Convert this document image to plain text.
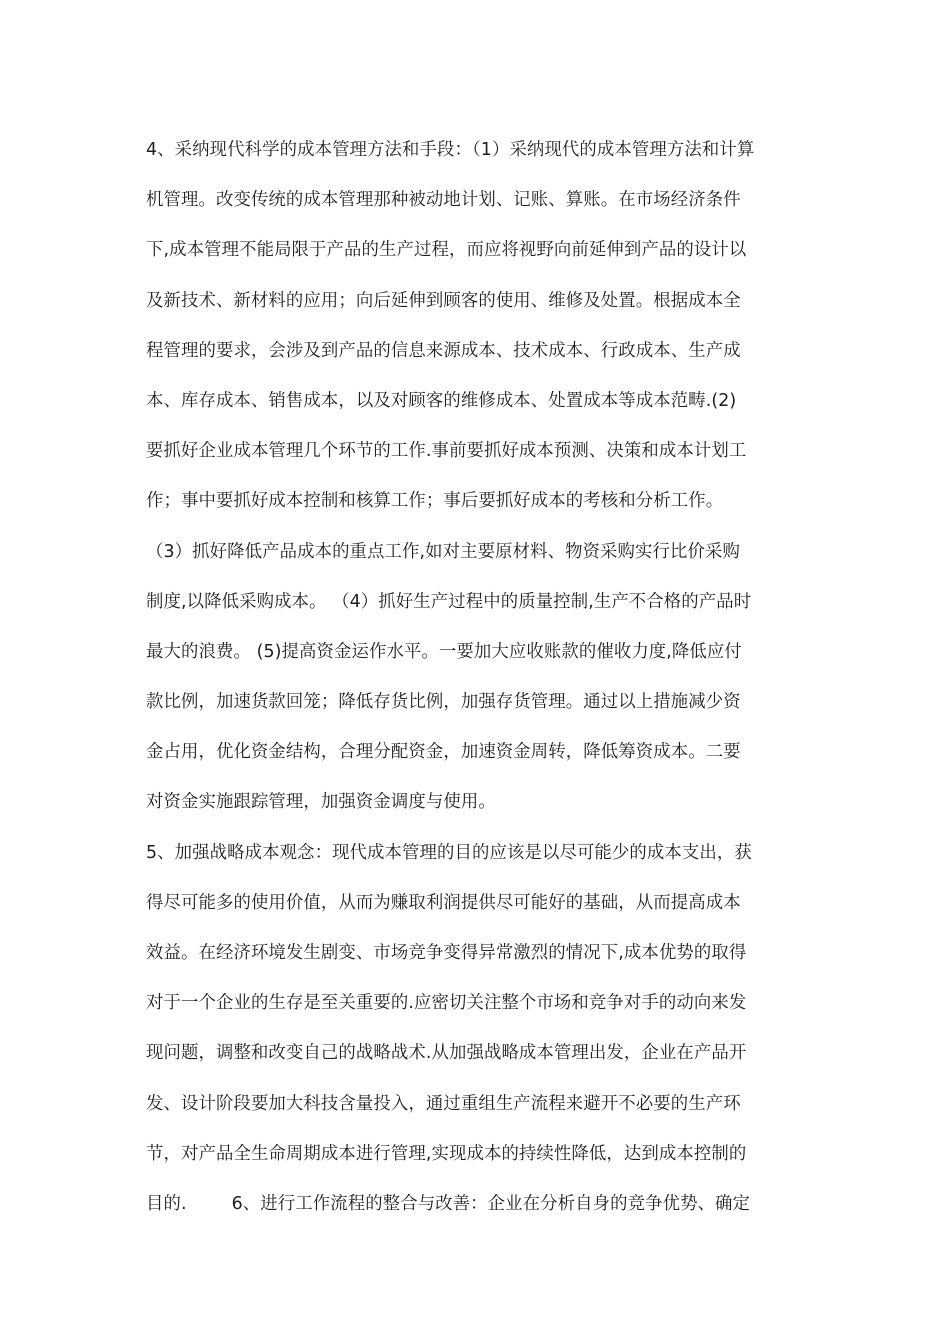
4、采纳现代科学的成本管理方法和手段：（1）采纳现代的成本管理方法和计算
机管理。改变传统的成本管理那种被动地计划、记账、算账。在市场经济条件
下,成本管理不能局限于产品的生产过程，而应将视野向前延伸到产品的设计以
及新技术、新材料的应用；向后延伸到顾客的使用、维修及处置。根据成本全
程管理的要求，会涉及到产品的信息来源成本、技术成本、行政成本、生产成
本、库存成本、销售成本，以及对顾客的维修成本、处置成本等成本范畴.(2)
要抓好企业成本管理几个环节的工作.事前要抓好成本预测、决策和成本计划工
作；事中要抓好成本控制和核算工作；事后要抓好成本的考核和分析工作。
（3）抓好降低产品成本的重点工作,如对主要原材料、物资采购实行比价采购
制度,以降低采购成本。 （4）抓好生产过程中的质量控制,生产不合格的产品时
最大的浪费。 (5)提高资金运作水平。一要加大应收账款的催收力度,降低应付
款比例，加速货款回笼；降低存货比例，加强存货管理。通过以上措施减少资
金占用，优化资金结构，合理分配资金，加速资金周转，降低筹资成本。二要
对资金实施跟踪管理，加强资金调度与使用。
5、加强战略成本观念：现代成本管理的目的应该是以尽可能少的成本支出，获
得尽可能多的使用价值，从而为赚取利润提供尽可能好的基础，从而提高成本
效益。在经济环境发生剧变、市场竞争变得异常激烈的情况下,成本优势的取得
对于一个企业的生存是至关重要的.应密切关注整个市场和竞争对手的动向来发
现问题，调整和改变自己的战略战术.从加强战略成本管理出发，企业在产品开
发、设计阶段要加大科技含量投入，通过重组生产流程来避开不必要的生产环
节，对产品全生命周期成本进行管理,实现成本的持续性降低，达到成本控制的
目的.        6、进行工作流程的整合与改善：企业在分析自身的竞争优势、确定
